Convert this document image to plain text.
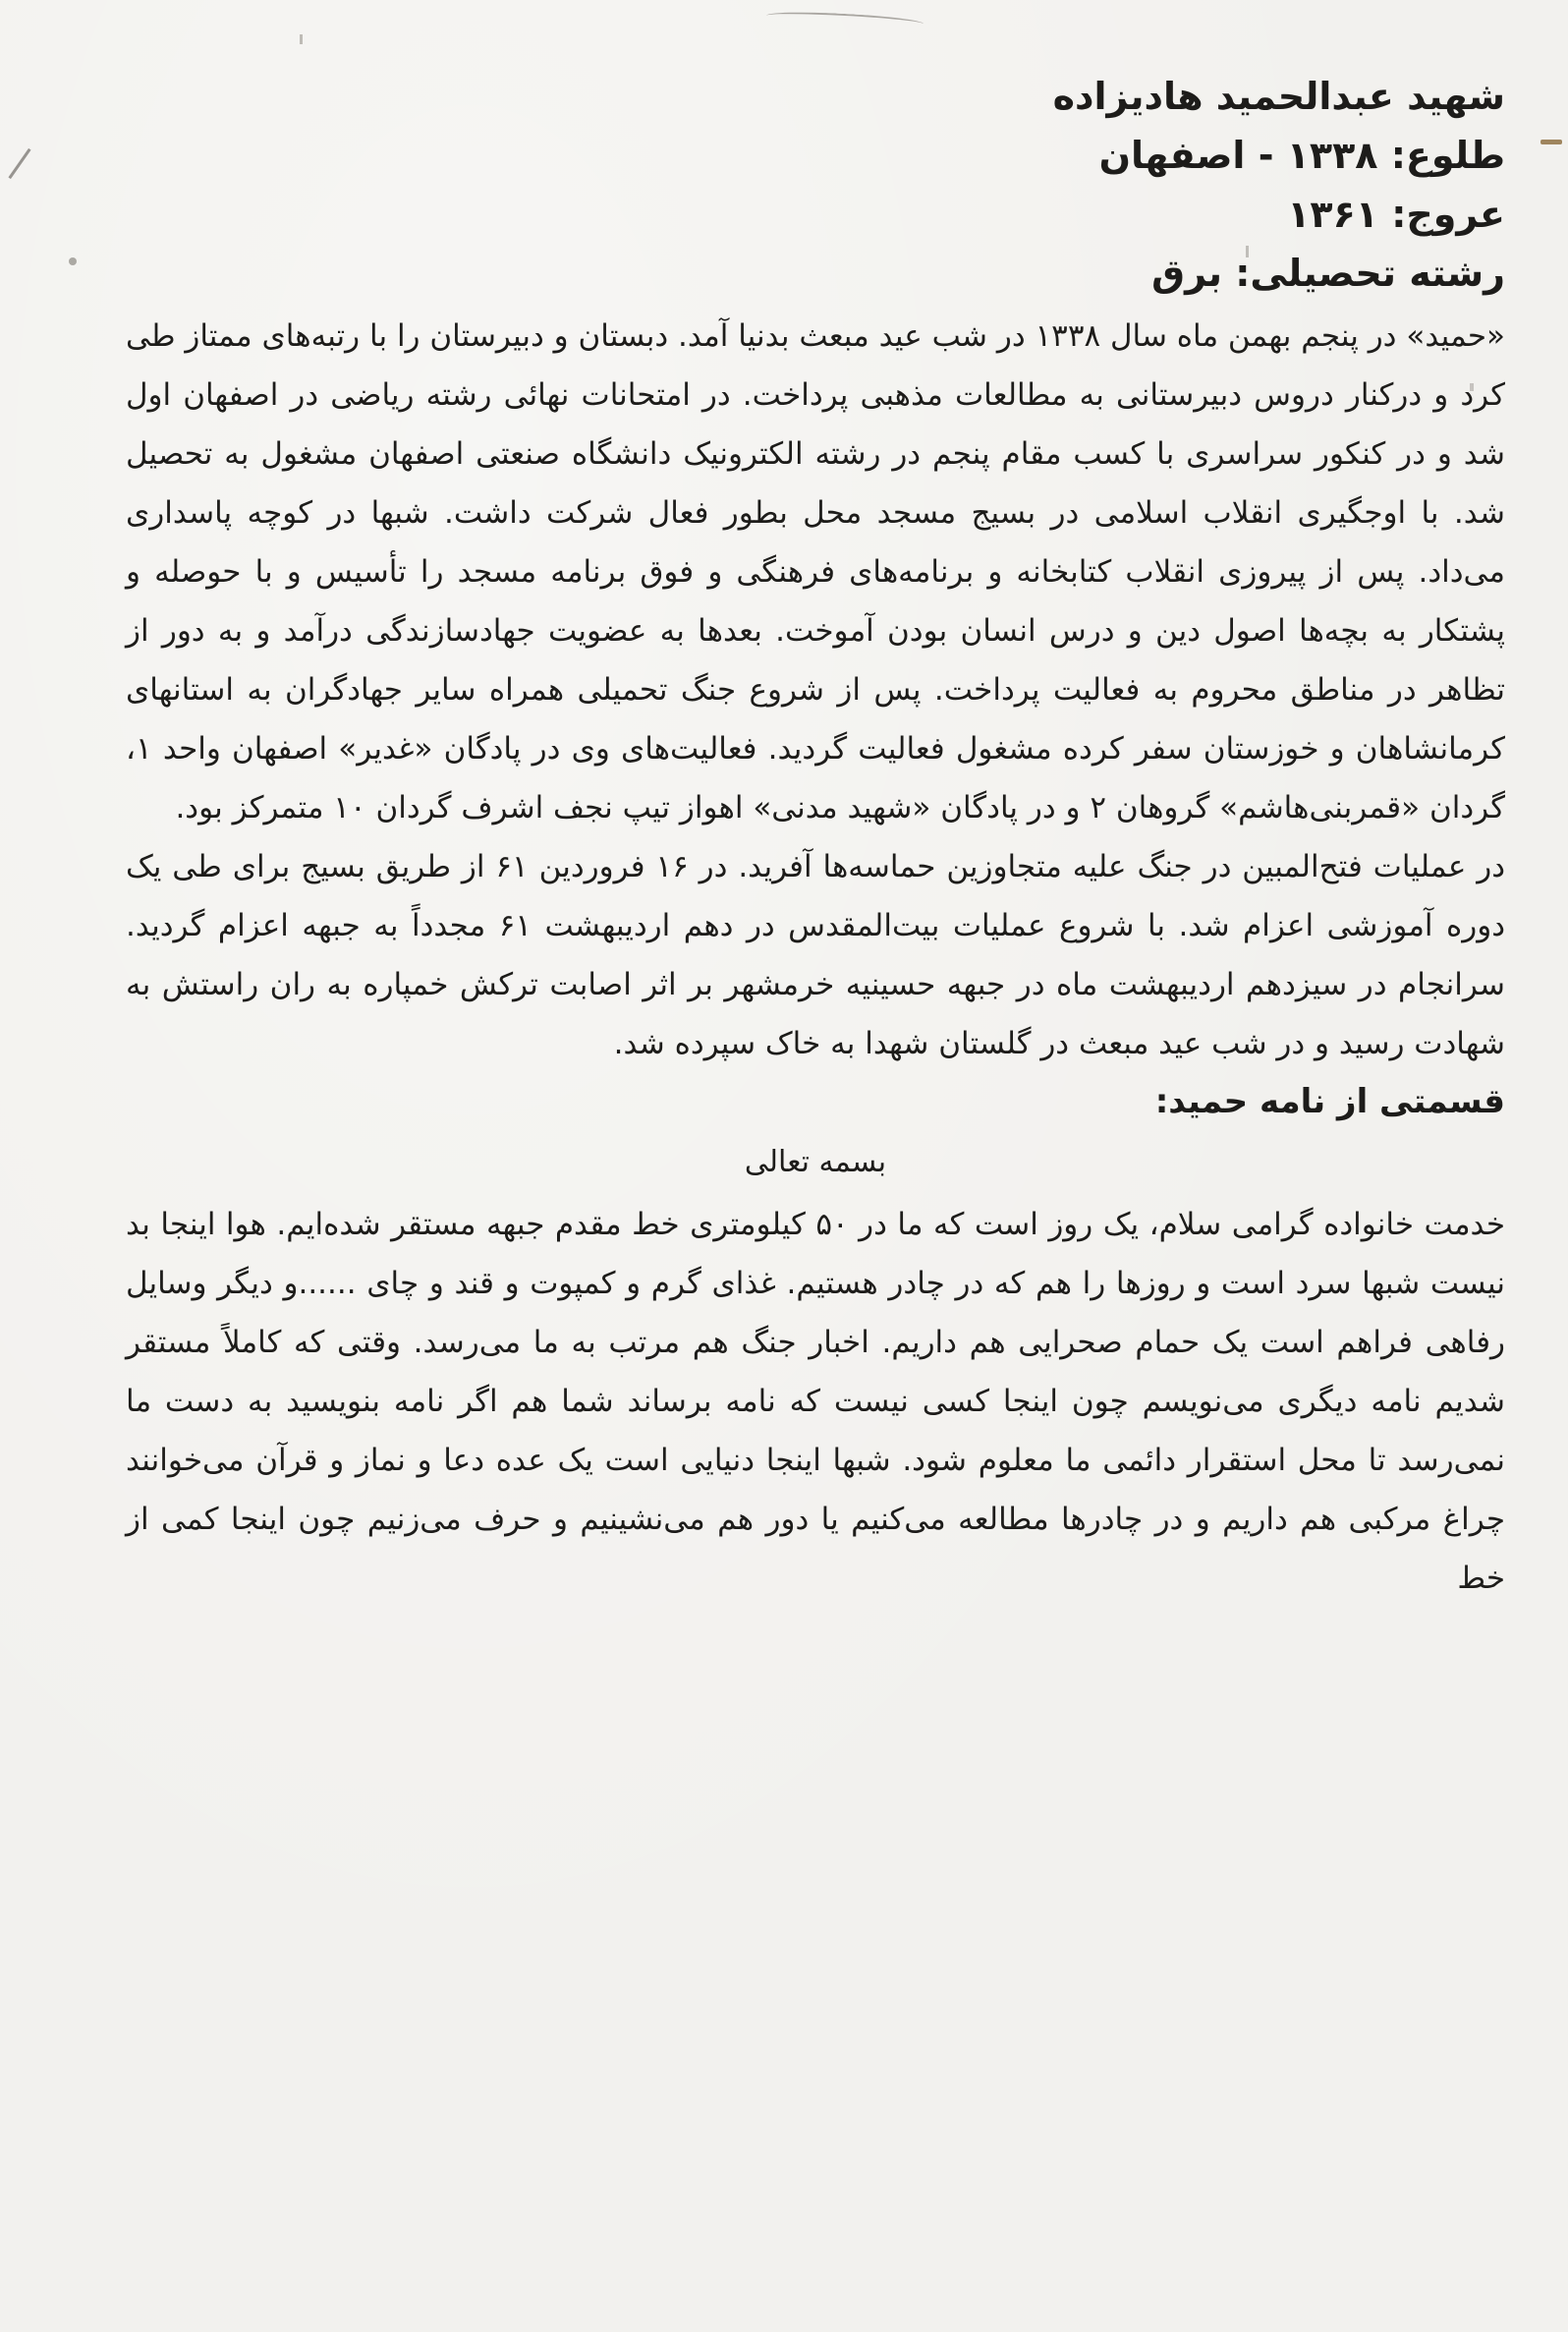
شهید عبدالحمید هادیزاده

طلوع: ۱۳۳۸ - اصفهان

عروج: ۱۳۶۱

رشته تحصیلی: برق

«حمید» در پنجم بهمن ماه سال ۱۳۳۸ در شب عید مبعث بدنیا آمد. دبستان و دبیرستان را با رتبه‌های ممتاز طی کرد و درکنار دروس دبیرستانی به مطالعات مذهبی پرداخت. در امتحانات نهائی رشته ریاضی در اصفهان اول شد و در کنکور سراسری با کسب مقام پنجم در رشته الکترونیک دانشگاه صنعتی اصفهان مشغول به تحصیل شد. با اوجگیری انقلاب اسلامی در بسیج مسجد محل بطور فعال شرکت داشت. شبها در کوچه پاسداری می‌داد. پس از پیروزی انقلاب کتابخانه و برنامه‌های فرهنگی و فوق برنامه مسجد را تأسیس و با حوصله و پشتکار به بچه‌ها اصول دین و درس انسان بودن آموخت. بعدها به عضویت جهادسازندگی درآمد و به دور از تظاهر در مناطق محروم به فعالیت پرداخت. پس از شروع جنگ تحمیلی همراه سایر جهادگران به استانهای کرمانشاهان و خوزستان سفر کرده مشغول فعالیت گردید. فعالیت‌های وی در پادگان «غدیر» اصفهان واحد ۱، گردان «قمربنی‌هاشم» گروهان ۲ و در پادگان «شهید مدنی» اهواز تیپ نجف اشرف گردان ۱۰ متمرکز بود.

در عملیات فتح‌المبین در جنگ علیه متجاوزین حماسه‌ها آفرید. در ۱۶ فروردین ۶۱ از طریق بسیج برای طی یک دوره آموزشی اعزام شد. با شروع عملیات بیت‌المقدس در دهم اردیبهشت ۶۱ مجدداً به جبهه اعزام گردید. سرانجام در سیزدهم اردیبهشت ماه در جبهه حسینیه خرمشهر بر اثر اصابت ترکش خمپاره به ران راستش به شهادت رسید و در شب عید مبعث در گلستان شهدا به خاک سپرده شد.

قسمتی از نامه حمید:

بسمه تعالی

خدمت خانواده گرامی سلام، یک روز است که ما در ۵۰ کیلومتری خط مقدم جبهه مستقر شده‌ایم. هوا اینجا بد نیست شبها سرد است و روزها را هم که در چادر هستیم. غذای گرم و کمپوت و قند و چای ......و دیگر وسایل رفاهی فراهم است یک حمام صحرایی هم داریم. اخبار جنگ هم مرتب به ما می‌رسد. وقتی که کاملاً مستقر شدیم نامه دیگری می‌نویسم چون اینجا کسی نیست که نامه برساند شما هم اگر نامه بنویسید به دست ما نمی‌رسد تا محل استقرار دائمی ما معلوم شود. شبها اینجا دنیایی است یک عده دعا و نماز و قرآن می‌خوانند چراغ مرکبی هم داریم و در چادرها مطالعه می‌کنیم یا دور هم می‌نشینیم و حرف می‌زنیم چون اینجا کمی از خط
